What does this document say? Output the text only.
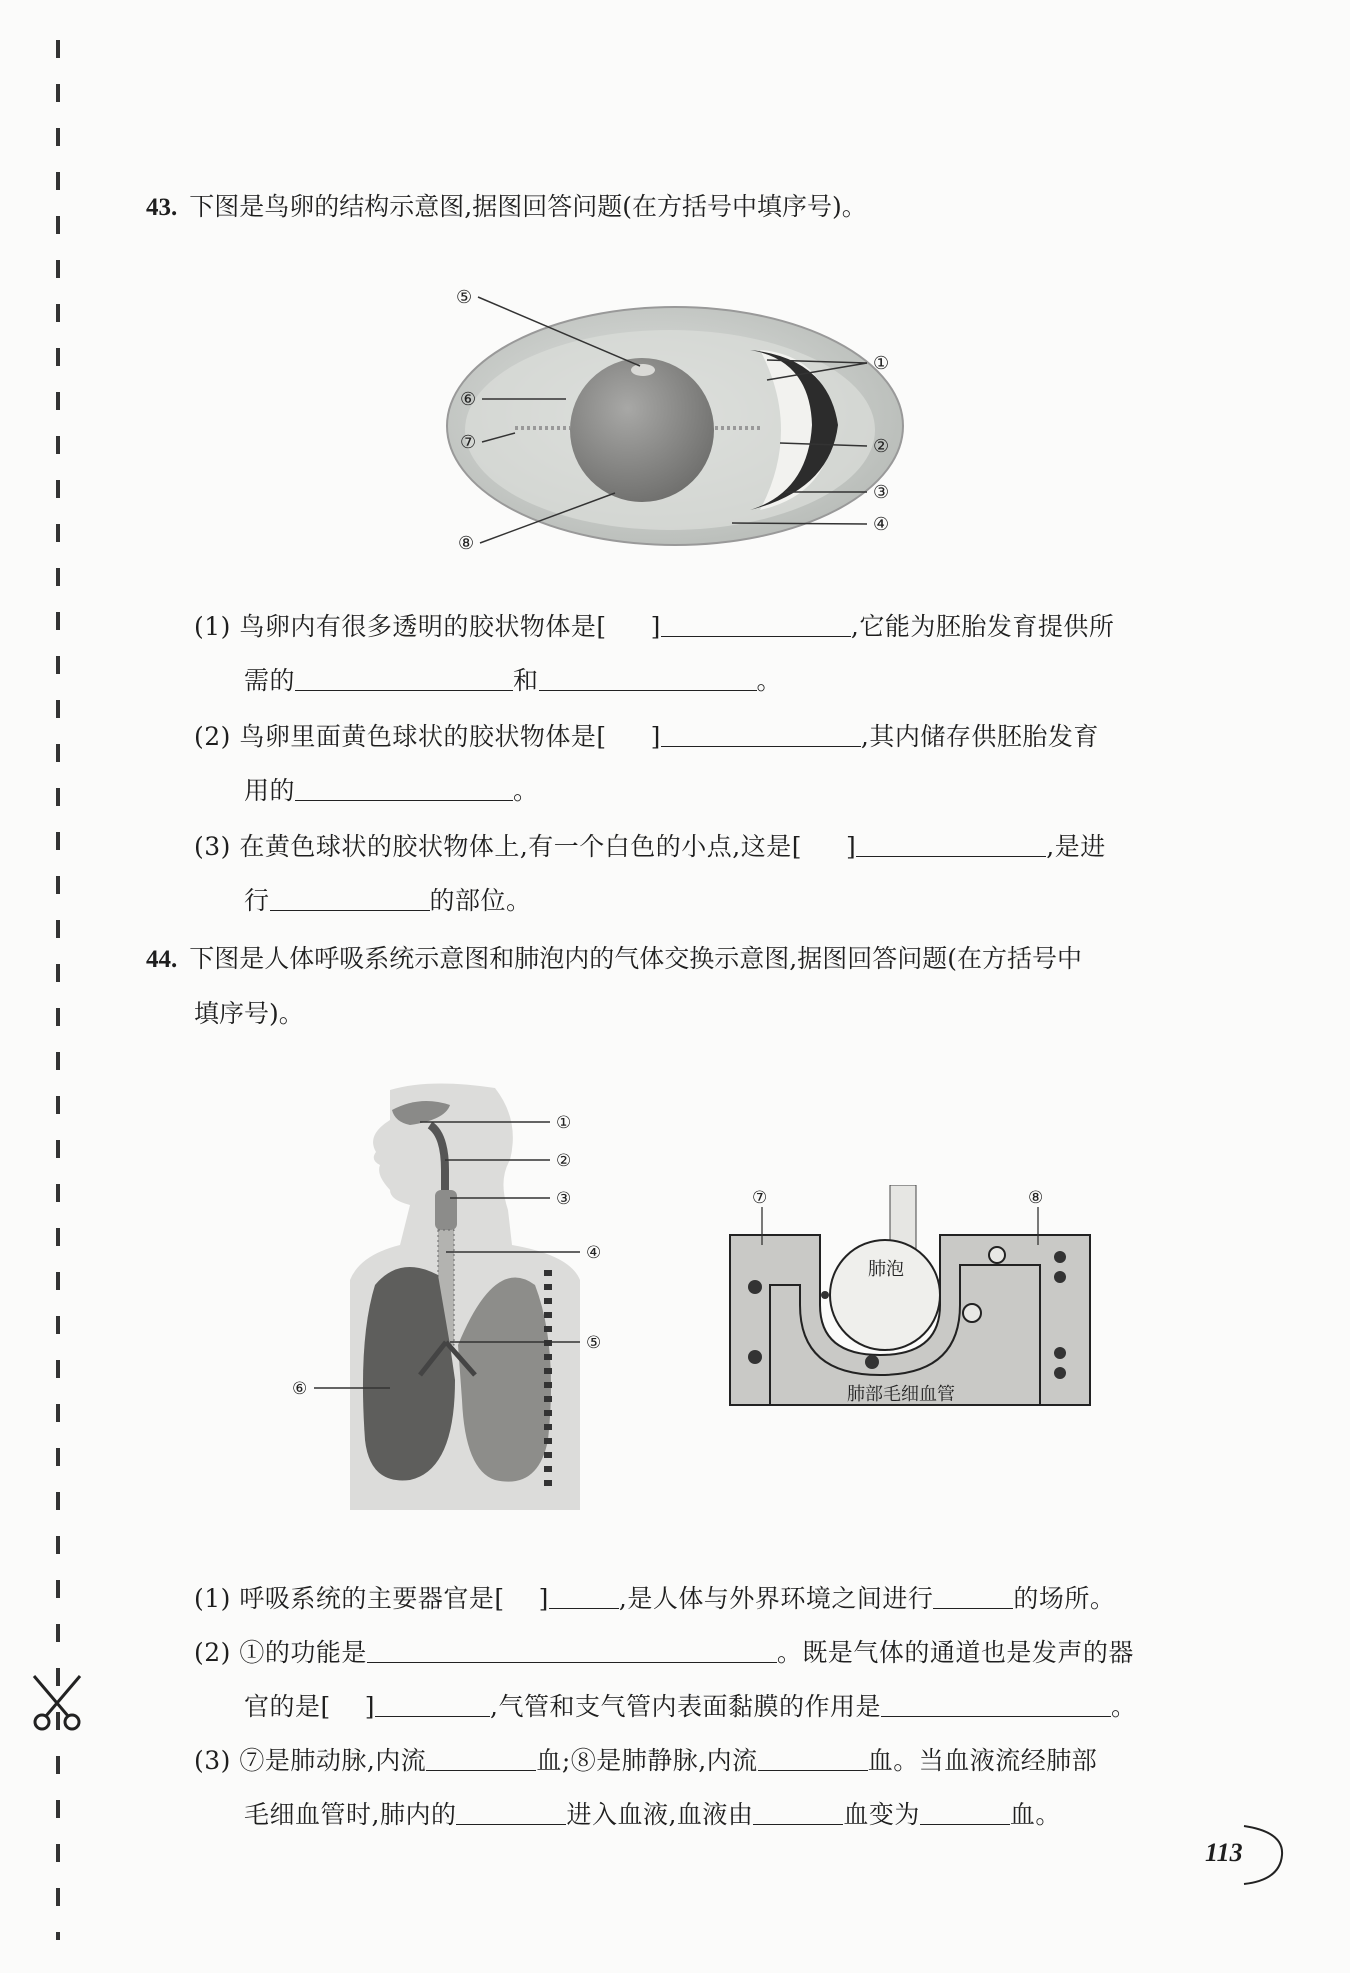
43. 下图是鸟卵的结构示意图,据图回答问题(在方括号中填序号)。
⑤
⑥
⑦
⑧
①
②
③
④
(1) 鸟卵内有很多透明的胶状物体是[ ]	,它能为胚胎发育提供所
需的	和	。
(2) 鸟卵里面黄色球状的胶状物体是[ ]	,其内储存供胚胎发育
用的	。
(3) 在黄色球状的胶状物体上,有一个白色的小点,这是[ ]	,是进
行	的部位。
44. 下图是人体呼吸系统示意图和肺泡内的气体交换示意图,据图回答问题(在方括号中
填序号)。
①
②
③
④
⑤
⑥
⑦	⑧
肺泡
肺部毛细血管
(1) 呼吸系统的主要器官是[ ]	,是人体与外界环境之间进行	的场所。
(2) ①的功能是	。既是气体的通道也是发声的器
官的是[ ]	,气管和支气管内表面黏膜的作用是	。
(3) ⑦是肺动脉,内流	血;⑧是肺静脉,内流	血。当血液流经肺部
毛细血管时,肺内的	进入血液,血液由	血变为	血。
113
